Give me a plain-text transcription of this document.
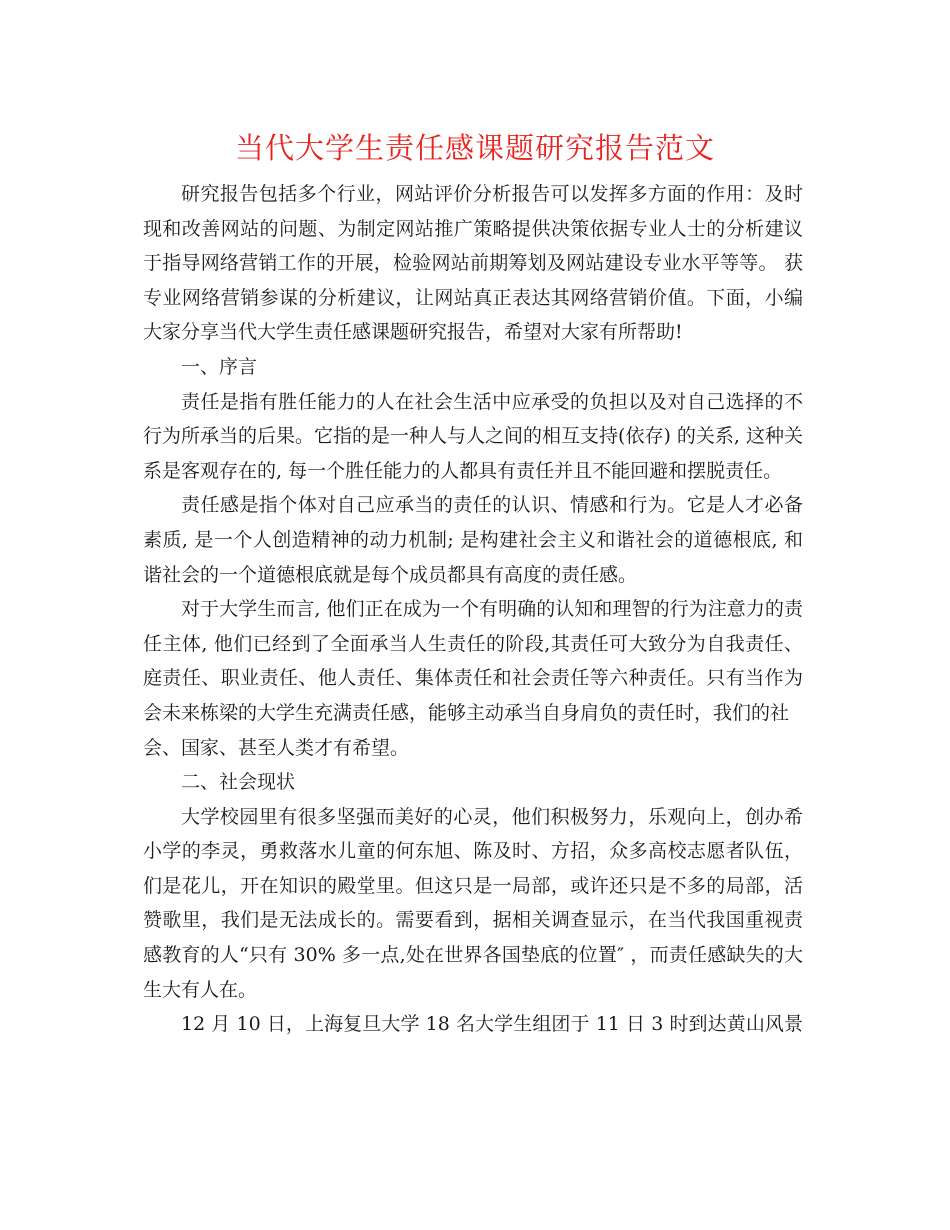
当代大学生责任感课题研究报告范文
研究报告包括多个行业，网站评价分析报告可以发挥多方面的作用：及时
现和改善网站的问题、为制定网站推广策略提供决策依据专业人士的分析建议
于指导网络营销工作的开展，检验网站前期筹划及网站建设专业水平等等。 获
专业网络营销参谋的分析建议，让网站真正表达其网络营销价值。下面，小编
大家分享当代大学生责任感课题研究报告，希望对大家有所帮助!
一、序言
责任是指有胜任能力的人在社会生活中应承受的负担以及对自己选择的不
行为所承当的后果。它指的是一种人与人之间的相互支持(依存) 的关系, 这种关
系是客观存在的, 每一个胜任能力的人都具有责任并且不能回避和摆脱责任。
责任感是指个体对自己应承当的责任的认识、情感和行为。它是人才必备
素质, 是一个人创造精神的动力机制; 是构建社会主义和谐社会的道德根底, 和
谐社会的一个道德根底就是每个成员都具有高度的责任感。
对于大学生而言, 他们正在成为一个有明确的认知和理智的行为注意力的责
任主体, 他们已经到了全面承当人生责任的阶段,其责任可大致分为自我责任、
庭责任、职业责任、他人责任、集体责任和社会责任等六种责任。只有当作为
会未来栋梁的大学生充满责任感，能够主动承当自身肩负的责任时，我们的社
会、国家、甚至人类才有希望。
二、社会现状
大学校园里有很多坚强而美好的心灵，他们积极努力，乐观向上，创办希
小学的李灵，勇救落水儿童的何东旭、陈及时、方招，众多高校志愿者队伍，
们是花儿，开在知识的殿堂里。但这只是一局部，或许还只是不多的局部，活
赞歌里，我们是无法成长的。需要看到，据相关调查显示，在当代我国重视责
感教育的人“只有 30% 多一点,处在世界各国垫底的位置″ ，而责任感缺失的大
生大有人在。
12 月 10 日，上海复旦大学 18 名大学生组团于 11 日 3 时到达黄山风景
